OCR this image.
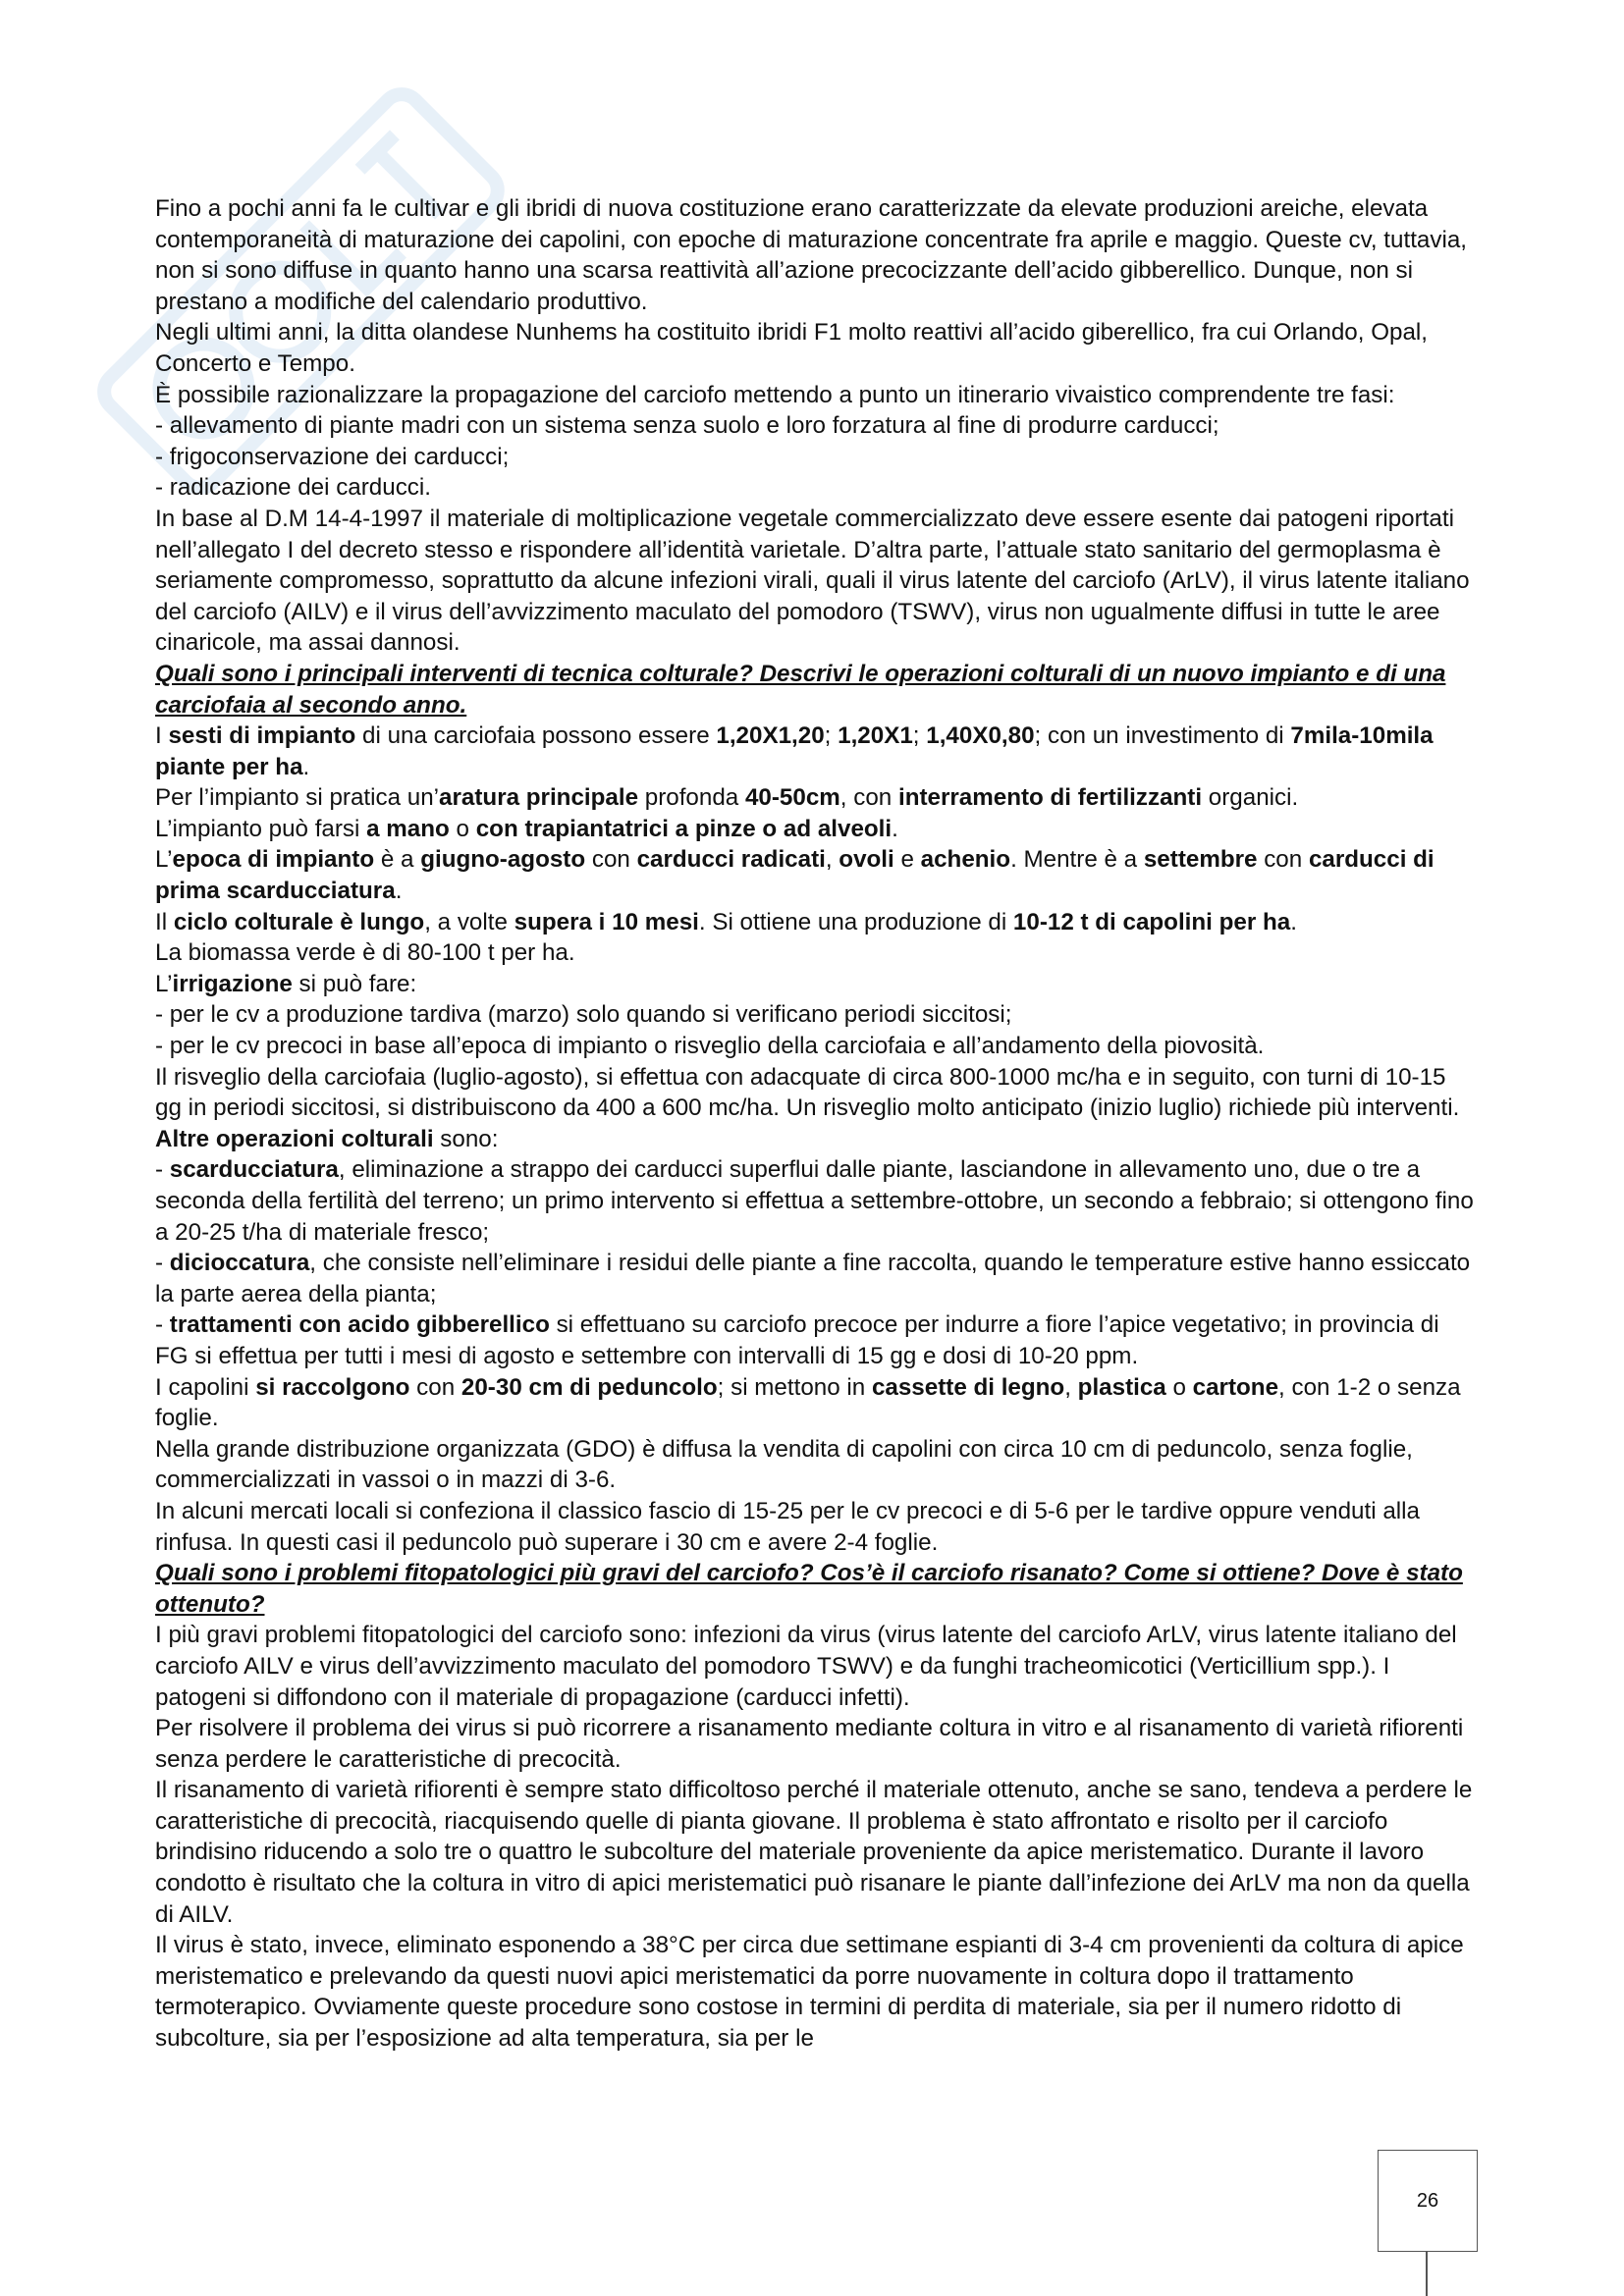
Fino a pochi anni fa le cultivar e gli ibridi di nuova costituzione erano caratterizzate da elevate produzioni areiche, elevata contemporaneità di maturazione dei capolini, con epoche di maturazione concentrate fra aprile e maggio. Queste cv, tuttavia, non si sono diffuse in quanto hanno una scarsa reattività all’azione precocizzante dell’acido gibberellico. Dunque, non si prestano a modifiche del calendario produttivo.

Negli ultimi anni, la ditta olandese Nunhems ha costituito ibridi F1 molto reattivi all’acido giberellico, fra cui Orlando, Opal, Concerto e Tempo.

È possibile razionalizzare la propagazione del carciofo mettendo a punto un itinerario vivaistico comprendente tre fasi:

- allevamento di piante madri con un sistema senza suolo e loro forzatura al fine di produrre carducci;

- frigoconservazione dei carducci;

- radicazione dei carducci.

In base al D.M 14-4-1997 il materiale di moltiplicazione vegetale commercializzato deve essere esente dai patogeni riportati nell’allegato I del decreto stesso e rispondere all’identità varietale. D’altra parte, l’attuale stato sanitario del germoplasma è seriamente compromesso, soprattutto da alcune infezioni virali, quali il virus latente del carciofo (ArLV), il virus latente italiano del carciofo (AILV) e il virus dell’avvizzimento maculato del pomodoro (TSWV), virus non ugualmente diffusi in tutte le aree cinaricole, ma assai dannosi.

Quali sono i principali interventi di tecnica colturale? Descrivi le operazioni colturali di un nuovo impianto e di una carciofaia al secondo anno.

I sesti di impianto di una carciofaia possono essere 1,20X1,20; 1,20X1; 1,40X0,80; con un investimento di 7mila-10mila piante per ha.

Per l’impianto si pratica un’aratura principale profonda 40-50cm, con interramento di fertilizzanti organici.

L’impianto può farsi a mano o con trapiantatrici a pinze o ad alveoli.

L’epoca di impianto è a giugno-agosto con carducci radicati, ovoli e achenio. Mentre è a settembre con carducci di prima scarducciatura.

Il ciclo colturale è lungo, a volte supera i 10 mesi. Si ottiene una produzione di 10-12 t di capolini per ha.

La biomassa verde è di 80-100 t per ha.

L’irrigazione si può fare:

- per le cv a produzione tardiva (marzo) solo quando si verificano periodi siccitosi;

- per le cv precoci in base all’epoca di impianto o risveglio della carciofaia e all’andamento della piovosità.

Il risveglio della carciofaia (luglio-agosto), si effettua con adacquate di circa 800-1000 mc/ha e in seguito, con turni di 10-15 gg in periodi siccitosi, si distribuiscono da 400 a 600 mc/ha. Un risveglio molto anticipato (inizio luglio) richiede più interventi.

Altre operazioni colturali sono:

- scarducciatura, eliminazione a strappo dei carducci superflui dalle piante, lasciandone in allevamento uno, due o tre a seconda della fertilità del terreno; un primo intervento si effettua a settembre-ottobre, un secondo a febbraio; si ottengono fino a 20-25 t/ha di materiale fresco;

- dicioccatura, che consiste nell’eliminare i residui delle piante a fine raccolta, quando le temperature estive hanno essiccato la parte aerea della pianta;

- trattamenti con acido gibberellico si effettuano su carciofo precoce per indurre a fiore l’apice vegetativo; in provincia di FG si effettua per tutti i mesi di agosto e settembre con intervalli di 15 gg e dosi di 10-20 ppm.

I capolini si raccolgono con 20-30 cm di peduncolo; si mettono in cassette di legno, plastica o cartone, con 1-2 o senza foglie.

Nella grande distribuzione organizzata (GDO) è diffusa la vendita di capolini con circa 10 cm di peduncolo, senza foglie, commercializzati in vassoi o in mazzi di 3-6.

In alcuni mercati locali si confeziona il classico fascio di 15-25 per le cv precoci e di 5-6 per le tardive oppure venduti alla rinfusa. In questi casi il peduncolo può superare i 30 cm e avere 2-4 foglie.

Quali sono i problemi fitopatologici più gravi del carciofo? Cos’è il carciofo risanato? Come si ottiene? Dove è stato ottenuto?

I più gravi problemi fitopatologici del carciofo sono: infezioni da virus (virus latente del carciofo ArLV, virus latente italiano del carciofo AILV e virus dell’avvizzimento maculato del pomodoro TSWV) e da funghi tracheomicotici (Verticillium spp.). I patogeni si diffondono con il materiale di propagazione (carducci infetti).

Per risolvere il problema dei virus si può ricorrere a risanamento mediante coltura in vitro e al risanamento di varietà rifiorenti senza perdere le caratteristiche di precocità.

Il risanamento di varietà rifiorenti è sempre stato difficoltoso perché il materiale ottenuto, anche se sano, tendeva a perdere le caratteristiche di precocità, riacquisendo quelle di pianta giovane. Il problema è stato affrontato e risolto per il carciofo brindisino riducendo a solo tre o quattro le subcolture del materiale proveniente da apice meristematico. Durante il lavoro condotto è risultato che la coltura in vitro di apici meristematici può risanare le piante dall’infezione dei ArLV ma non da quella di AILV.

Il virus è stato, invece, eliminato esponendo a 38°C per circa due settimane espianti di 3-4 cm provenienti da coltura di apice meristematico e prelevando da questi nuovi apici meristematici da porre nuovamente in coltura dopo il trattamento termoterapico. Ovviamente queste procedure sono costose in termini di perdita di materiale, sia per il numero ridotto di subcolture, sia per l’esposizione ad alta temperatura, sia per le

26
